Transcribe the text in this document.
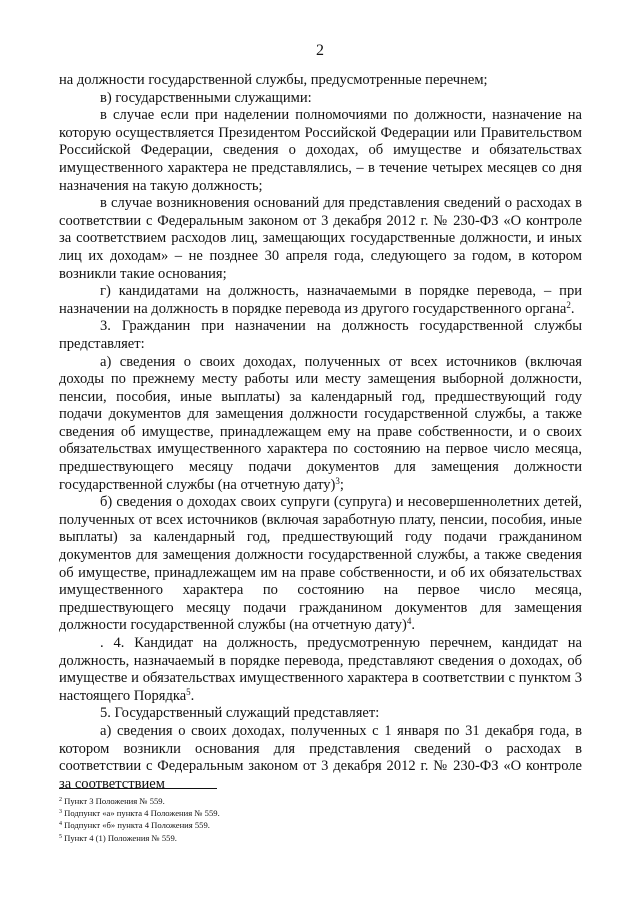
2

на должности государственной службы, предусмотренные перечнем;

в) государственными служащими:

в случае если при наделении полномочиями по должности, назначение на которую осуществляется Президентом Российской Федерации или Правительством Российской Федерации, сведения о доходах, об имуществе и обязательствах имущественного характера не представлялись, – в течение четырех месяцев со дня назначения на такую должность;

в случае возникновения оснований для представления сведений о расходах в соответствии с Федеральным законом от 3 декабря 2012 г. № 230-ФЗ «О контроле за соответствием расходов лиц, замещающих государственные должности, и иных лиц их доходам» – не позднее 30 апреля года, следующего за годом, в котором возникли такие основания;

г) кандидатами на должность, назначаемыми в порядке перевода, – при назначении на должность в порядке перевода из другого государственного органа$^2$.

3. Гражданин при назначении на должность государственной службы представляет:

а) сведения о своих доходах, полученных от всех источников (включая доходы по прежнему месту работы или месту замещения выборной должности, пенсии, пособия, иные выплаты) за календарный год, предшествующий году подачи документов для замещения должности государственной службы, а также сведения об имуществе, принадлежащем ему на праве собственности, и о своих обязательствах имущественного характера по состоянию на первое число месяца, предшествующего месяцу подачи документов для замещения должности государственной службы (на отчетную дату)$^3$;

б) сведения о доходах своих супруги (супруга) и несовершеннолетних детей, полученных от всех источников (включая заработную плату, пенсии, пособия, иные выплаты) за календарный год, предшествующий году подачи гражданином документов для замещения должности государственной службы, а также сведения об имуществе, принадлежащем им на праве собственности, и об их обязательствах имущественного характера по состоянию на первое число месяца, предшествующего месяцу подачи гражданином документов для замещения должности государственной службы (на отчетную дату)$^4$.

. 4. Кандидат на должность, предусмотренную перечнем, кандидат на должность, назначаемый в порядке перевода, представляют сведения о доходах, об имуществе и обязательствах имущественного характера в соответствии с пунктом 3 настоящего Порядка$^5$.

5. Государственный служащий представляет:

а) сведения о своих доходах, полученных с 1 января по 31 декабря года, в котором возникли основания для представления сведений о расходах в соответствии с Федеральным законом от 3 декабря 2012 г. № 230-ФЗ «О контроле за соответствием

$^2$ Пункт 3 Положения № 559.

$^3$ Подпункт «а» пункта 4 Положения № 559.

$^4$ Подпункт «б» пункта 4 Положения 559.

$^5$ Пункт 4 (1) Положения № 559.
